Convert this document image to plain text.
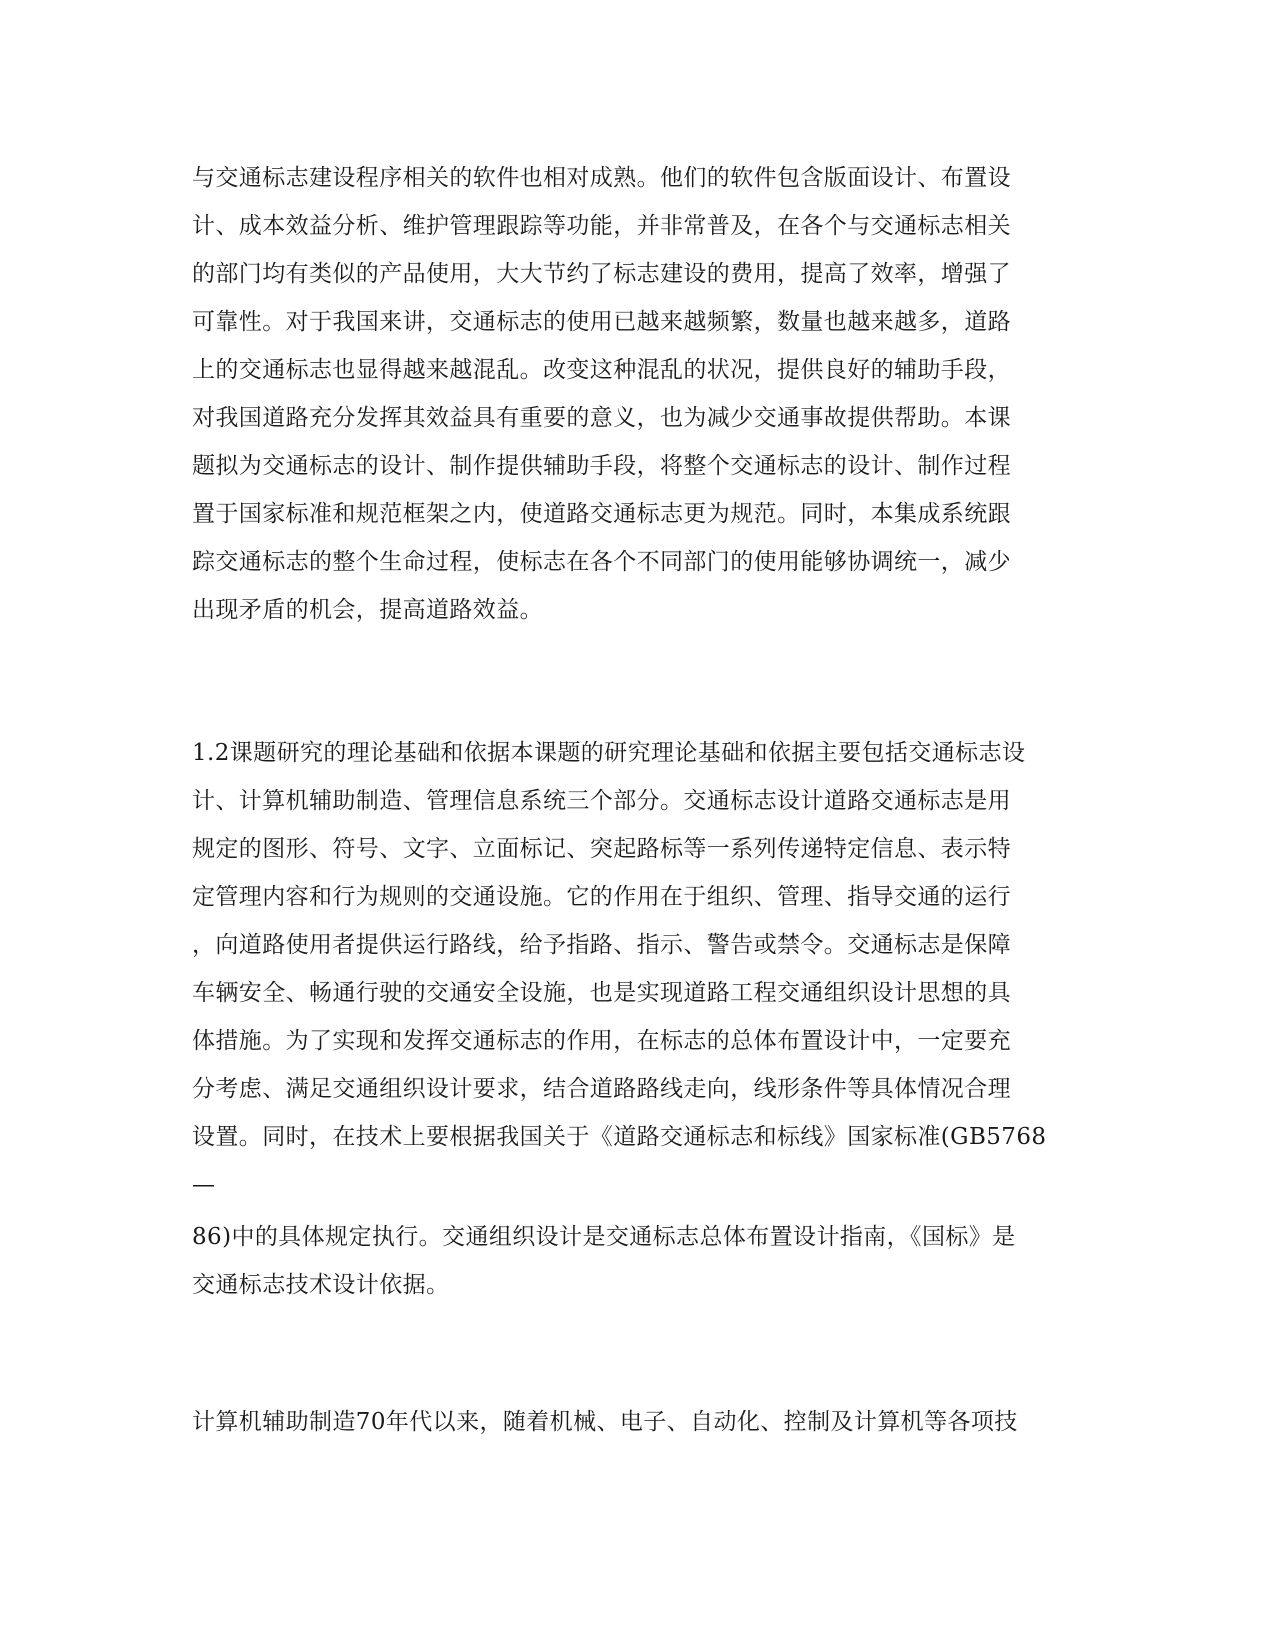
与交通标志建设程序相关的软件也相对成熟。他们的软件包含版面设计、布置设

计、成本效益分析、维护管理跟踪等功能，并非常普及，在各个与交通标志相关

的部门均有类似的产品使用，大大节约了标志建设的费用，提高了效率，增强了

可靠性。对于我国来讲，交通标志的使用已越来越频繁，数量也越来越多，道路

上的交通标志也显得越来越混乱。改变这种混乱的状况，提供良好的辅助手段，

对我国道路充分发挥其效益具有重要的意义，也为减少交通事故提供帮助。本课

题拟为交通标志的设计、制作提供辅助手段，将整个交通标志的设计、制作过程

置于国家标准和规范框架之内，使道路交通标志更为规范。同时，本集成系统跟

踪交通标志的整个生命过程，使标志在各个不同部门的使用能够协调统一，减少

出现矛盾的机会，提高道路效益。

1.2课题研究的理论基础和依据本课题的研究理论基础和依据主要包括交通标志设

计、计算机辅助制造、管理信息系统三个部分。交通标志设计道路交通标志是用

规定的图形、符号、文字、立面标记、突起路标等一系列传递特定信息、表示特

定管理内容和行为规则的交通设施。它的作用在于组织、管理、指导交通的运行

，向道路使用者提供运行路线，给予指路、指示、警告或禁令。交通标志是保障

车辆安全、畅通行驶的交通安全设施，也是实现道路工程交通组织设计思想的具

体措施。为了实现和发挥交通标志的作用，在标志的总体布置设计中，一定要充

分考虑、满足交通组织设计要求，结合道路路线走向，线形条件等具体情况合理

设置。同时，在技术上要根据我国关于《道路交通标志和标线》国家标准(GB5768

—

86)中的具体规定执行。交通组织设计是交通标志总体布置设计指南，《国标》是

交通标志技术设计依据。

计算机辅助制造70年代以来，随着机械、电子、自动化、控制及计算机等各项技
